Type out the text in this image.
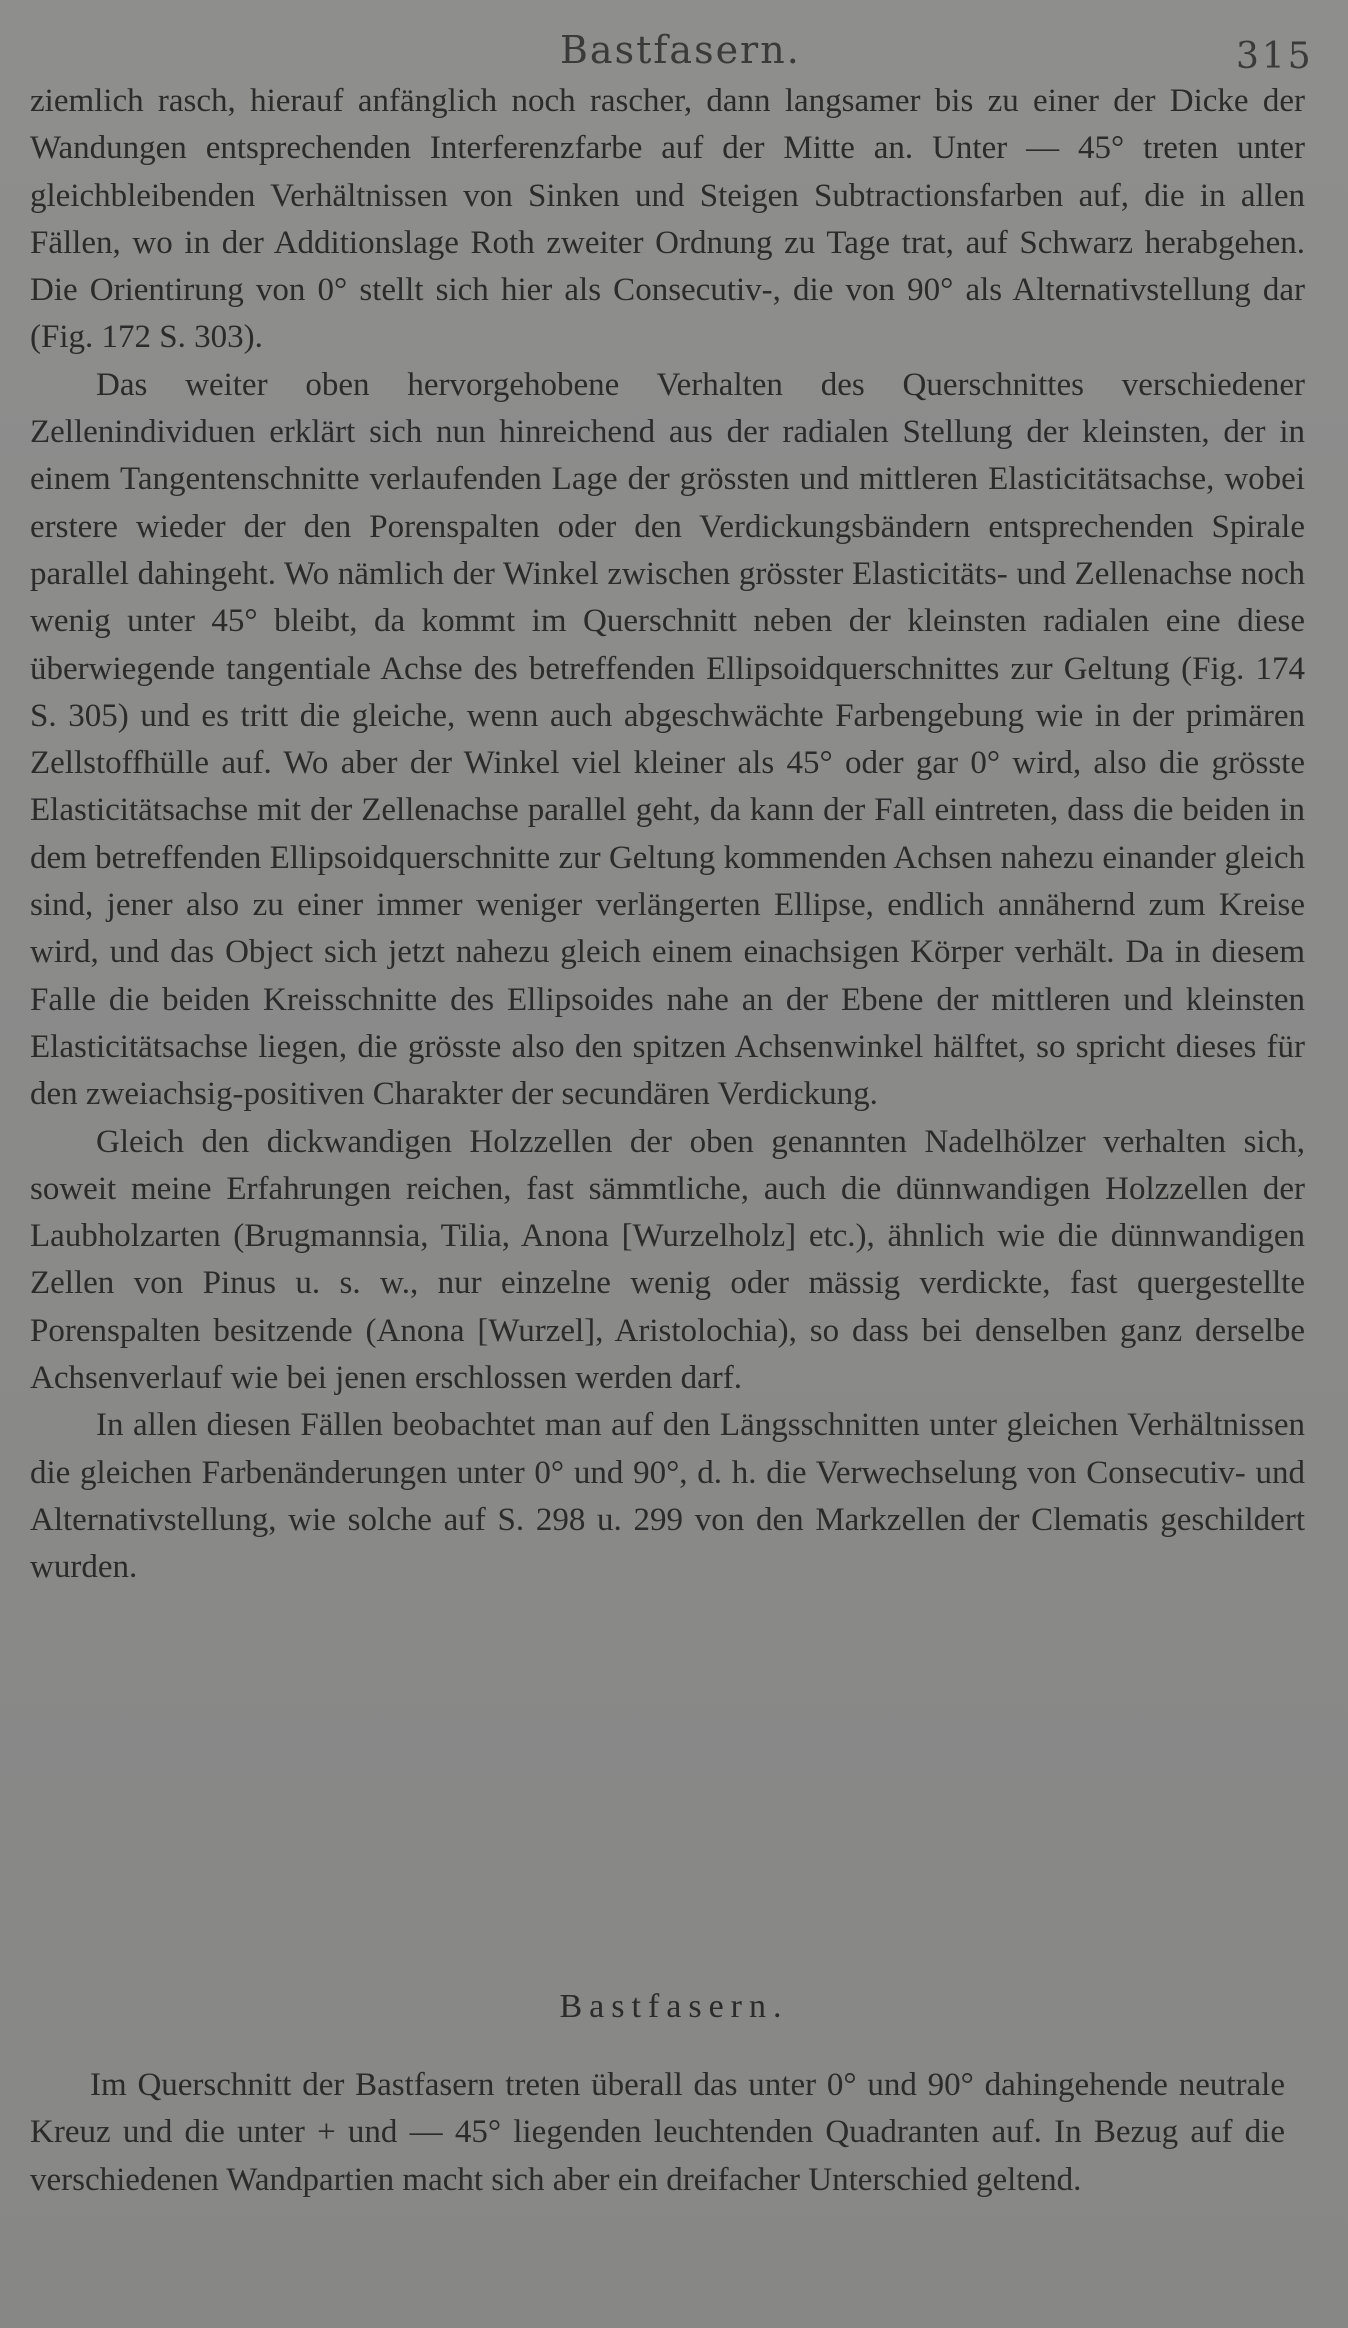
Bastfasern.	315

ziemlich rasch, hierauf anfänglich noch rascher, dann langsamer bis zu einer der Dicke der Wandungen entsprechenden Interferenzfarbe auf der Mitte an. Unter — 45° treten unter gleichbleibenden Verhältnissen von Sinken und Steigen Subtractionsfarben auf, die in allen Fällen, wo in der Additionslage Roth zweiter Ordnung zu Tage trat, auf Schwarz herabgehen. Die Orientirung von 0° stellt sich hier als Consecutiv-, die von 90° als Alternativstellung dar (Fig. 172 S. 303).

Das weiter oben hervorgehobene Verhalten des Querschnittes verschiedener Zellenindividuen erklärt sich nun hinreichend aus der radialen Stellung der kleinsten, der in einem Tangentenschnitte verlaufenden Lage der grössten und mittleren Elasticitätsachse, wobei erstere wieder der den Porenspalten oder den Verdickungsbändern entsprechenden Spirale parallel dahingeht. Wo nämlich der Winkel zwischen grösster Elasticitäts- und Zellenachse noch wenig unter 45° bleibt, da kommt im Querschnitt neben der kleinsten radialen eine diese überwiegende tangentiale Achse des betreffenden Ellipsoidquerschnittes zur Geltung (Fig. 174 S. 305) und es tritt die gleiche, wenn auch abgeschwächte Farbengebung wie in der primären Zellstoffhülle auf. Wo aber der Winkel viel kleiner als 45° oder gar 0° wird, also die grösste Elasticitätsachse mit der Zellenachse parallel geht, da kann der Fall eintreten, dass die beiden in dem betreffenden Ellipsoidquerschnitte zur Geltung kommenden Achsen nahezu einander gleich sind, jener also zu einer immer weniger verlängerten Ellipse, endlich annähernd zum Kreise wird, und das Object sich jetzt nahezu gleich einem einachsigen Körper verhält. Da in diesem Falle die beiden Kreisschnitte des Ellipsoides nahe an der Ebene der mittleren und kleinsten Elasticitätsachse liegen, die grösste also den spitzen Achsenwinkel hälftet, so spricht dieses für den zweiachsig-positiven Charakter der secundären Verdickung.

Gleich den dickwandigen Holzzellen der oben genannten Nadelhölzer verhalten sich, soweit meine Erfahrungen reichen, fast sämmtliche, auch die dünnwandigen Holzzellen der Laubholzarten (Brugmannsia, Tilia, Anona [Wurzelholz] etc.), ähnlich wie die dünnwandigen Zellen von Pinus u. s. w., nur einzelne wenig oder mässig verdickte, fast quergestellte Porenspalten besitzende (Anona [Wurzel], Aristolochia), so dass bei denselben ganz derselbe Achsenverlauf wie bei jenen erschlossen werden darf.

In allen diesen Fällen beobachtet man auf den Längsschnitten unter gleichen Verhältnissen die gleichen Farbenänderungen unter 0° und 90°, d. h. die Verwechselung von Consecutiv- und Alternativstellung, wie solche auf S. 298 u. 299 von den Markzellen der Clematis geschildert wurden.

Bastfasern.

Im Querschnitt der Bastfasern treten überall das unter 0° und 90° dahingehende neutrale Kreuz und die unter + und — 45° liegenden leuchtenden Quadranten auf. In Bezug auf die verschiedenen Wandpartien macht sich aber ein dreifacher Unterschied geltend.
